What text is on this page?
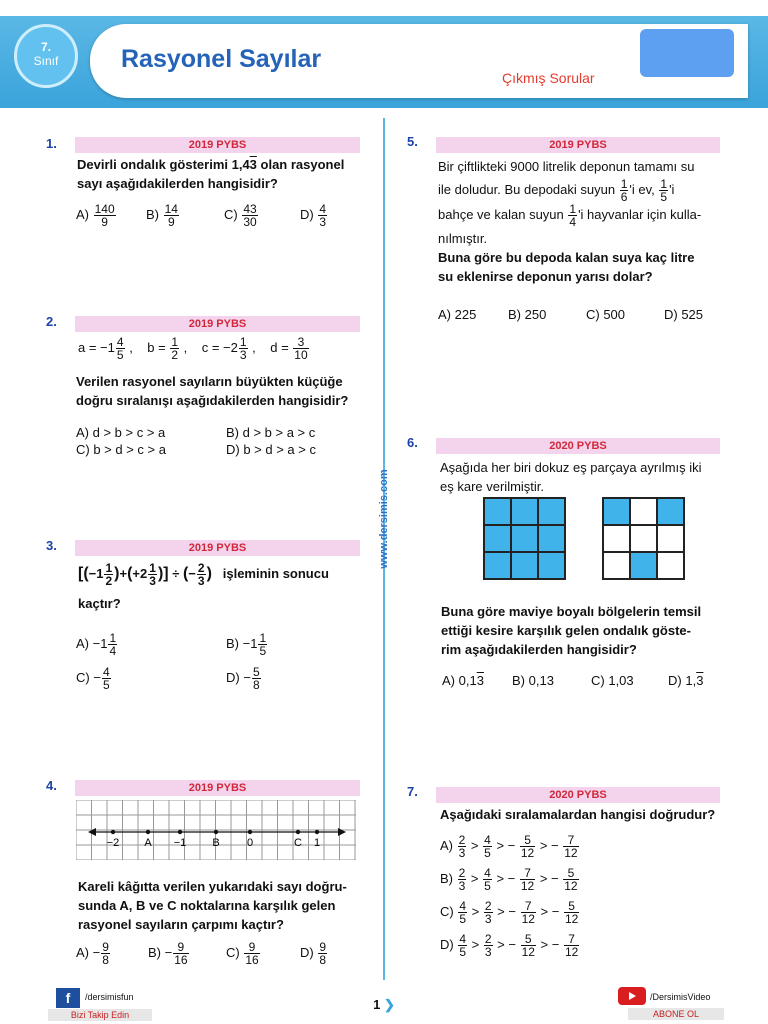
7.
Sınıf	Rasyonel Sayılar
Çıkmış Sorular
www.dersimis.com
1.	2019 PYBS
Devirli ondalık gösterimi 1,43 olan rasyonel
sayı aşağıdakilerden hangisidir?
$A) \frac{140}{9} B) \frac{14}{9}$	$C) \frac{43}{30}$	$D) \frac{4}{3}$
2.	2019 PYBS
$a = -1 \frac{4}{5}$ , $b = \frac{1}{2}$ , $c = -2 \frac{1}{3}$ , $d = \frac{3}{10}$
Verilen rasyonel sayıların büyükten küçüğe
doğru sıralanışı aşağıdakilerden hangisidir?
A) d > b > c > a	B) d > b > a > c
C) b > d > c > a	D) b > d > a > c
3.	2019 PYBS
[$(-1 \frac{1}{2} )+(+2 \frac{1}{3}$ )] ÷ (− $\frac{2}{3}$ ) işleminin sonucu
kaçtır?
$A) -1 \frac{1}{4}$	$B) -1 \frac{1}{5}$
$C) - \frac{4}{5}$	$D) - \frac{5}{8}$
4.	2019 PYBS
−2 A −1 B 0	C 1
Kareli kâğıtta verilen yukarıdaki sayı doğru-
sunda A, B ve C noktalarına karşılık gelen
rasyonel sayıların çarpımı kaçtır?
$A) - \frac{9}{8}$	$B) - \frac{9}{16}$	$C) \frac{9}{16}$	$D) \frac{9}{8}$
5.	2019 PYBS
Bir çiftlikteki 9000 litrelik deponun tamamı su
ile doludur. Bu depodaki suyun $\frac{1}{6}$ 'i ev, $\frac{1}{5}$ 'i
bahçe ve kalan suyun $\frac{1}{4}$ 'i hayvanlar için kulla-
nılmıştır.
Buna göre bu depoda kalan suya kaç litre
su eklenirse deponun yarısı dolar?
A) 225 B) 250	C) 500	D) 525
6.	2020 PYBS
Aşağıda her biri dokuz eş parçaya ayrılmış iki
eş kare verilmiştir.
Buna göre maviye boyalı bölgelerin temsil
ettiği kesire karşılık gelen ondalık göste-
rim aşağıdakilerden hangisidir?
A) 0,13 B) 0,13	C) 1,03	D) 1,3
7.	2020 PYBS
Aşağıdaki sıralamalardan hangisi doğrudur?
$A) \frac{2}{3} > \frac{4}{5}$ > − $\frac{5}{12}$ > − $\frac{7}{12}$
$B) \frac{2}{3} > \frac{4}{5}$ > − $\frac{7}{12}$ > − $\frac{5}{12}$
$C) \frac{4}{5} > \frac{2}{3}$ > − $\frac{7}{12}$ > − $\frac{5}{12}$
$D) \frac{4}{5} > \frac{2}{3}$ > − $\frac{5}{12}$ > − $\frac{7}{12}$
f	/dersimisfun
Bizi Takip Edin
1 ❯	/DersimisVideo
ABONE OL
